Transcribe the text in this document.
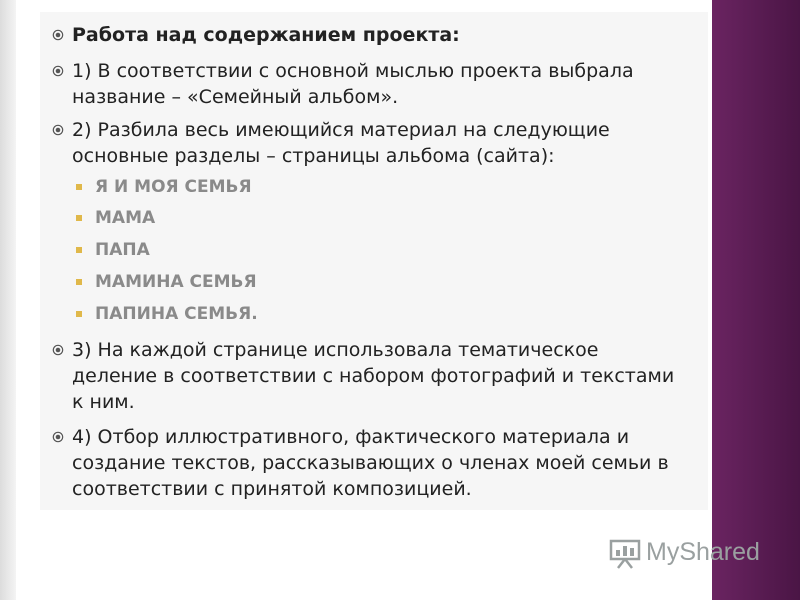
Работа над содержанием проекта:
1) В соответствии с основной мыслью проекта выбрала
название – «Семейный альбом».
2) Разбила весь имеющийся материал на следующие
основные разделы – страницы альбома (сайта):
Я И МОЯ СЕМЬЯ
МАМА
ПАПА
МАМИНА СЕМЬЯ
ПАПИНА СЕМЬЯ.
3) На каждой странице использовала тематическое
деление в соответствии с набором фотографий и текстами
к ним.
4) Отбор иллюстративного, фактического материала и
создание текстов, рассказывающих о членах моей семьи в
соответствии с принятой композицией.
MyShared
